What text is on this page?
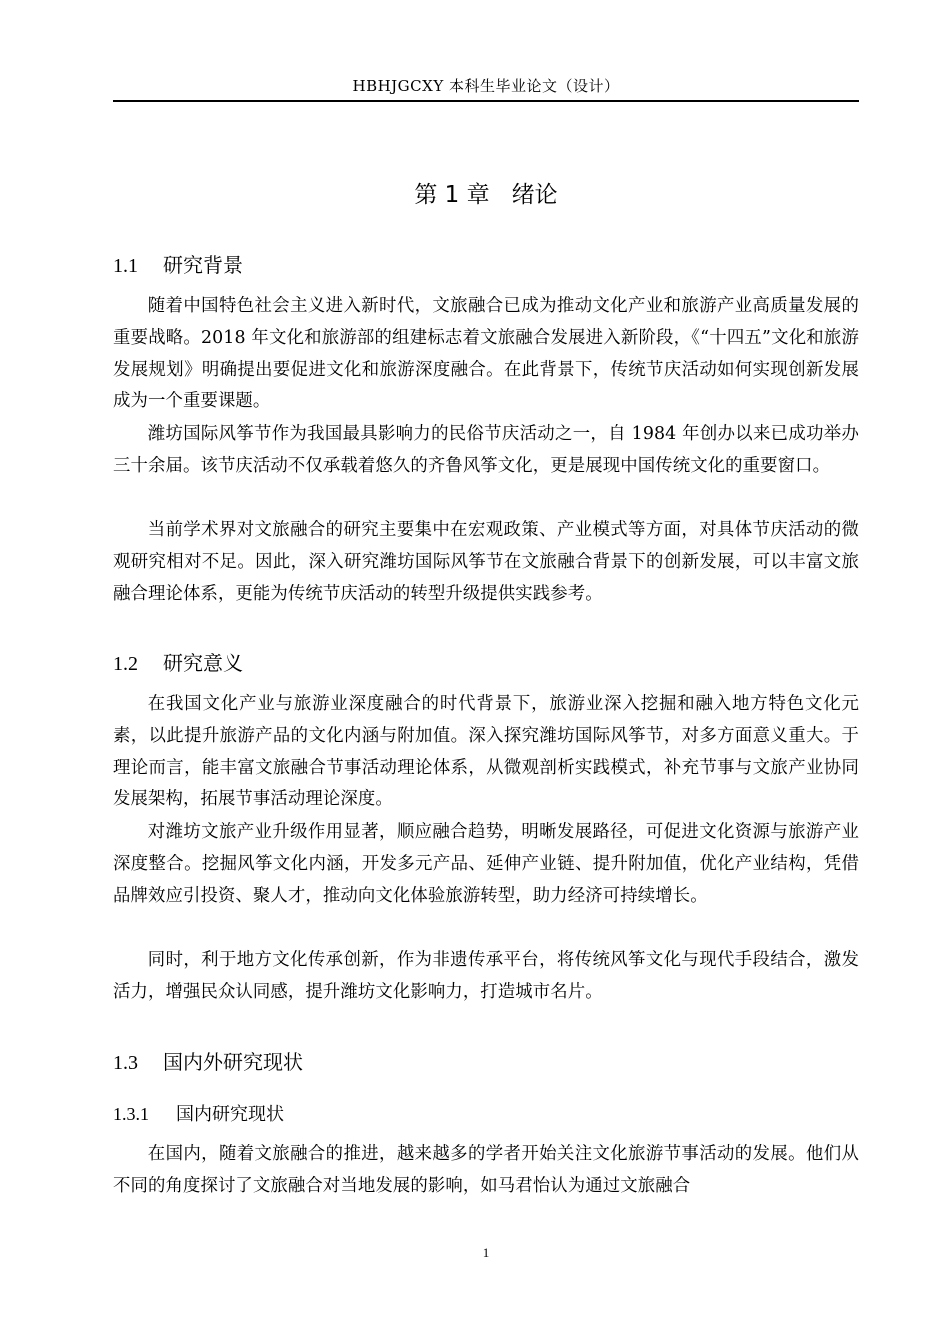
HBHJGCXY 本科生毕业论文（设计）
第 1 章 绪论
1.1 研究背景

随着中国特色社会主义进入新时代，文旅融合已成为推动文化产业和旅游产业高质量发展的重要战略。2018 年文化和旅游部的组建标志着文旅融合发展进入新阶段，《“十四五”文化和旅游发展规划》明确提出要促进文化和旅游深度融合。在此背景下，传统节庆活动如何实现创新发展成为一个重要课题。

潍坊国际风筝节作为我国最具影响力的民俗节庆活动之一，自 1984 年创办以来已成功举办三十余届。该节庆活动不仅承载着悠久的齐鲁风筝文化，更是展现中国传统文化的重要窗口。

当前学术界对文旅融合的研究主要集中在宏观政策、产业模式等方面，对具体节庆活动的微观研究相对不足。因此，深入研究潍坊国际风筝节在文旅融合背景下的创新发展，可以丰富文旅融合理论体系，更能为传统节庆活动的转型升级提供实践参考。

1.2 研究意义

在我国文化产业与旅游业深度融合的时代背景下，旅游业深入挖掘和融入地方特色文化元素，以此提升旅游产品的文化内涵与附加值。深入探究潍坊国际风筝节，对多方面意义重大。于理论而言，能丰富文旅融合节事活动理论体系，从微观剖析实践模式，补充节事与文旅产业协同发展架构，拓展节事活动理论深度。

对潍坊文旅产业升级作用显著，顺应融合趋势，明晰发展路径，可促进文化资源与旅游产业深度整合。挖掘风筝文化内涵，开发多元产品、延伸产业链、提升附加值，优化产业结构，凭借品牌效应引投资、聚人才，推动向文化体验旅游转型，助力经济可持续增长。

同时，利于地方文化传承创新，作为非遗传承平台，将传统风筝文化与现代手段结合，激发活力，增强民众认同感，提升潍坊文化影响力，打造城市名片。

1.3 国内外研究现状
1.3.1 国内研究现状

在国内，随着文旅融合的推进，越来越多的学者开始关注文化旅游节事活动的发展。他们从不同的角度探讨了文旅融合对当地发展的影响，如马君怡认为通过文旅融合

1
